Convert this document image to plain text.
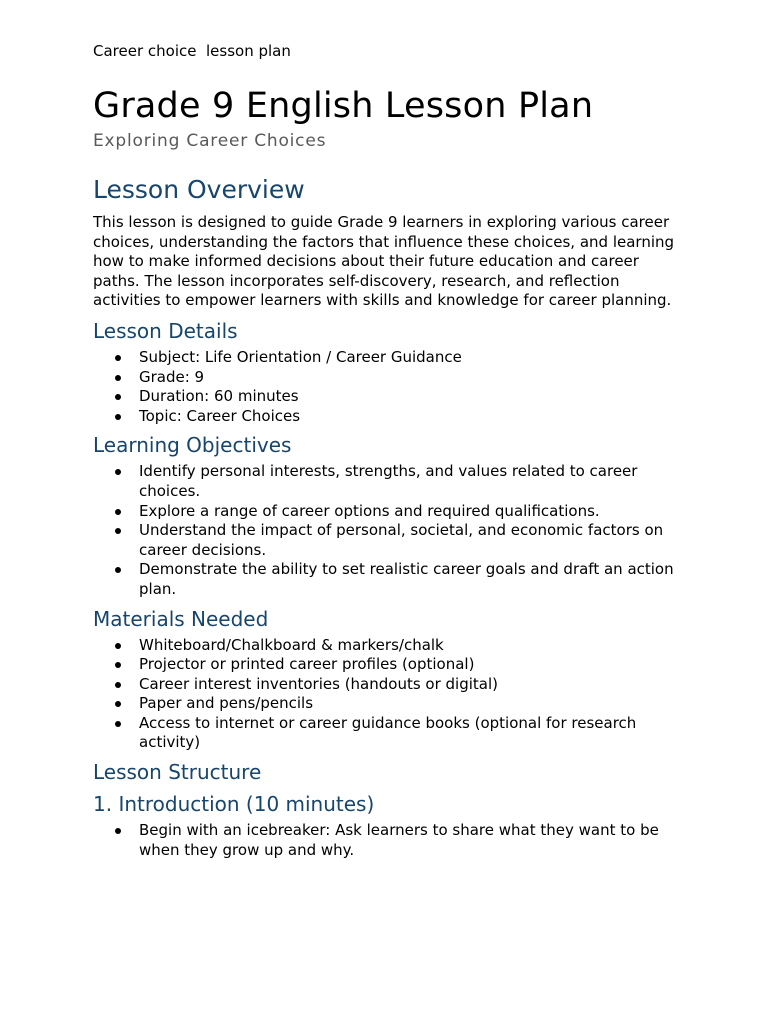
Career choice  lesson plan

Grade 9 English Lesson Plan

Exploring Career Choices

Lesson Overview

This lesson is designed to guide Grade 9 learners in exploring various career choices, understanding the factors that influence these choices, and learning how to make informed decisions about their future education and career paths. The lesson incorporates self-discovery, research, and reflection activities to empower learners with skills and knowledge for career planning.

Lesson Details
Subject: Life Orientation / Career Guidance
Grade: 9
Duration: 60 minutes
Topic: Career Choices
Learning Objectives
Identify personal interests, strengths, and values related to career choices.
Explore a range of career options and required qualifications.
Understand the impact of personal, societal, and economic factors on career decisions.
Demonstrate the ability to set realistic career goals and draft an action plan.
Materials Needed
Whiteboard/Chalkboard & markers/chalk
Projector or printed career profiles (optional)
Career interest inventories (handouts or digital)
Paper and pens/pencils
Access to internet or career guidance books (optional for research activity)
Lesson Structure
1. Introduction (10 minutes)
Begin with an icebreaker: Ask learners to share what they want to be when they grow up and why.
